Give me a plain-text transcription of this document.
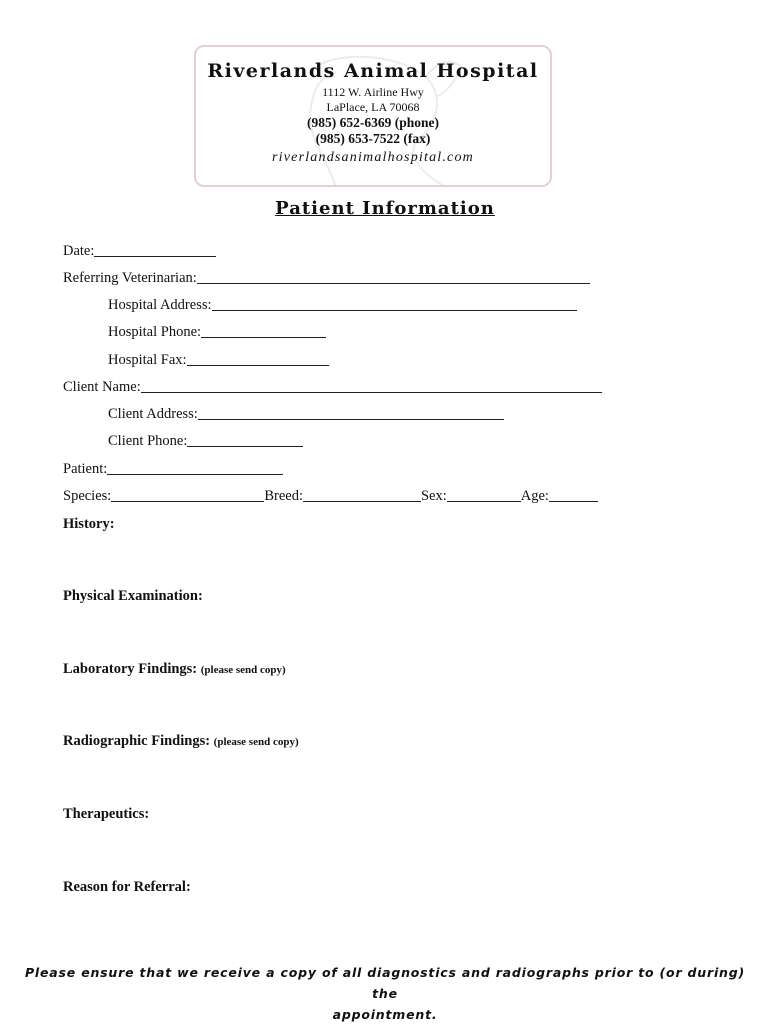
Riverlands Animal Hospital
1112 W. Airline Hwy
LaPlace, LA 70068
(985) 652-6369 (phone)
(985) 653-7522 (fax)
riverlandsanimalhospital.com
Patient Information
Date:
Referring Veterinarian:
Hospital Address:
Hospital Phone:
Hospital Fax:
Client Name:
Client Address:
Client Phone:
Patient:
Species:	Breed:	Sex:	Age:
History:
Physical Examination:
Laboratory Findings: (please send copy)
Radiographic Findings: (please send copy)
Therapeutics:
Reason for Referral:
Please ensure that we receive a copy of all diagnostics and radiographs prior to (or during) the
appointment.
